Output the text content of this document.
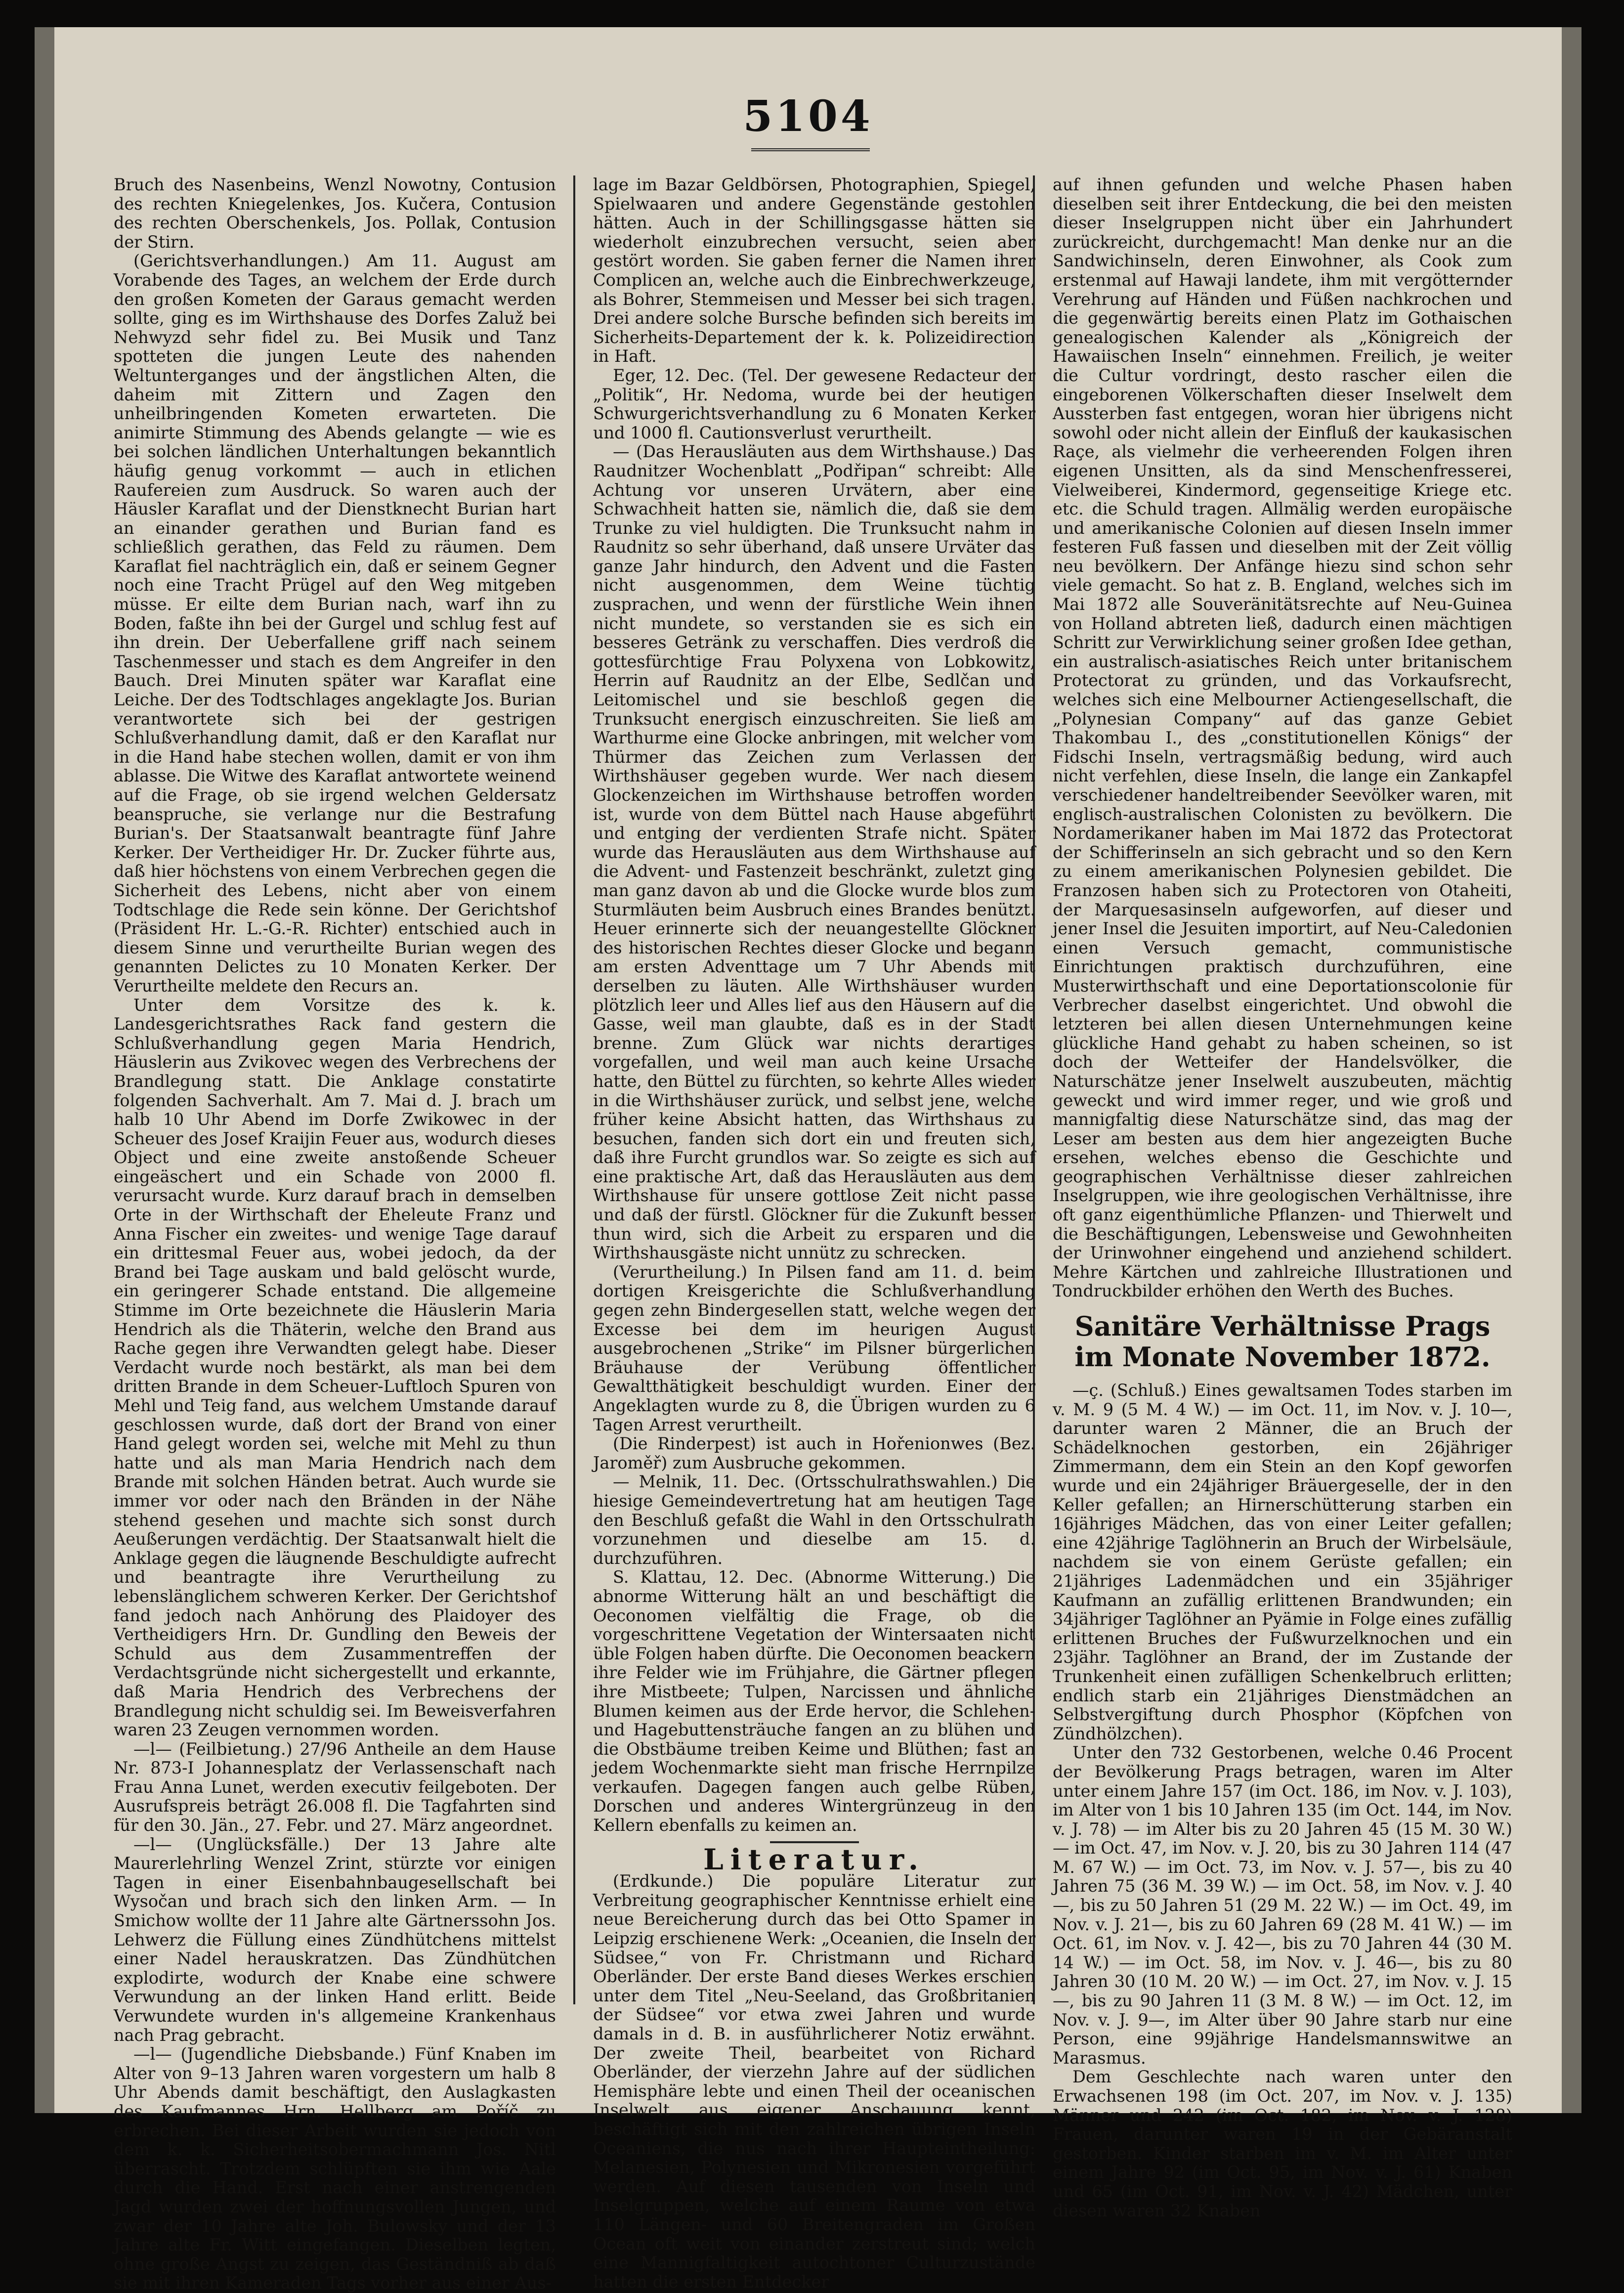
5104

Bruch des Nasenbeins, Wenzl Nowotny, Contusion des rechten Kniegelenkes, Jos. Kučera, Contusion des rechten Oberschenkels, Jos. Pollak, Contusion der Stirn.

(Gerichtsverhandlungen.) Am 11. August am Vorabende des Tages, an welchem der Erde durch den großen Kometen der Garaus gemacht werden sollte, ging es im Wirthshause des Dorfes Zaluž bei Nehwyzd sehr fidel zu. Bei Musik und Tanz spotteten die jungen Leute des nahenden Weltunterganges und der ängstlichen Alten, die daheim mit Zittern und Zagen den unheilbringenden Kometen erwarteten. Die animirte Stimmung des Abends gelangte — wie es bei solchen ländlichen Unterhaltungen bekanntlich häufig genug vorkommt — auch in etlichen Raufereien zum Ausdruck. So waren auch der Häusler Karaflat und der Dienstknecht Burian hart an einander gerathen und Burian fand es schließlich gerathen, das Feld zu räumen. Dem Karaflat fiel nachträglich ein, daß er seinem Gegner noch eine Tracht Prügel auf den Weg mitgeben müsse. Er eilte dem Burian nach, warf ihn zu Boden, faßte ihn bei der Gurgel und schlug fest auf ihn drein. Der Ueberfallene griff nach seinem Taschenmesser und stach es dem Angreifer in den Bauch. Drei Minuten später war Karaflat eine Leiche. Der des Todtschlages angeklagte Jos. Burian verantwortete sich bei der gestrigen Schlußverhandlung damit, daß er den Karaflat nur in die Hand habe stechen wollen, damit er von ihm ablasse. Die Witwe des Karaflat antwortete weinend auf die Frage, ob sie irgend welchen Geldersatz beanspruche, sie verlange nur die Bestrafung Burian's. Der Staatsanwalt beantragte fünf Jahre Kerker. Der Vertheidiger Hr. Dr. Zucker führte aus, daß hier höchstens von einem Verbrechen gegen die Sicherheit des Lebens, nicht aber von einem Todtschlage die Rede sein könne. Der Gerichtshof (Präsident Hr. L.-G.-R. Richter) entschied auch in diesem Sinne und verurtheilte Burian wegen des genannten Delictes zu 10 Monaten Kerker. Der Verurtheilte meldete den Recurs an.

Unter dem Vorsitze des k. k. Landesgerichtsrathes Rack fand gestern die Schlußverhandlung gegen Maria Hendrich, Häuslerin aus Zvikovec wegen des Verbrechens der Brandlegung statt. Die Anklage constatirte folgenden Sachverhalt. Am 7. Mai d. J. brach um halb 10 Uhr Abend im Dorfe Zwikowec in der Scheuer des Josef Kraijin Feuer aus, wodurch dieses Object und eine zweite anstoßende Scheuer eingeäschert und ein Schade von 2000 fl. verursacht wurde. Kurz darauf brach in demselben Orte in der Wirthschaft der Eheleute Franz und Anna Fischer ein zweites- und wenige Tage darauf ein drittesmal Feuer aus, wobei jedoch, da der Brand bei Tage auskam und bald gelöscht wurde, ein geringerer Schade entstand. Die allgemeine Stimme im Orte bezeichnete die Häuslerin Maria Hendrich als die Thäterin, welche den Brand aus Rache gegen ihre Verwandten gelegt habe. Dieser Verdacht wurde noch bestärkt, als man bei dem dritten Brande in dem Scheuer-Luftloch Spuren von Mehl und Teig fand, aus welchem Umstande darauf geschlossen wurde, daß dort der Brand von einer Hand gelegt worden sei, welche mit Mehl zu thun hatte und als man Maria Hendrich nach dem Brande mit solchen Händen betrat. Auch wurde sie immer vor oder nach den Bränden in der Nähe stehend gesehen und machte sich sonst durch Aeußerungen verdächtig. Der Staatsanwalt hielt die Anklage gegen die läugnende Beschuldigte aufrecht und beantragte ihre Verurtheilung zu lebenslänglichem schweren Kerker. Der Gerichtshof fand jedoch nach Anhörung des Plaidoyer des Vertheidigers Hrn. Dr. Gundling den Beweis der Schuld aus dem Zusammentreffen der Verdachtsgründe nicht sichergestellt und erkannte, daß Maria Hendrich des Verbrechens der Brandlegung nicht schuldig sei. Im Beweisverfahren waren 23 Zeugen vernommen worden.

—l— (Feilbietung.) 27/96 Antheile an dem Hause Nr. 873-I Johannesplatz der Verlassenschaft nach Frau Anna Lunet, werden executiv feilgeboten. Der Ausrufspreis beträgt 26.008 fl. Die Tagfahrten sind für den 30. Jän., 27. Febr. und 27. März angeordnet.

—l— (Unglücksfälle.) Der 13 Jahre alte Maurerlehrling Wenzel Zrint, stürzte vor einigen Tagen in einer Eisenbahnbaugesellschaft bei Wysočan und brach sich den linken Arm. — In Smichow wollte der 11 Jahre alte Gärtnerssohn Jos. Lehwerz die Füllung eines Zündhütchens mittelst einer Nadel herauskratzen. Das Zündhütchen explodirte, wodurch der Knabe eine schwere Verwundung an der linken Hand erlitt. Beide Verwundete wurden in's allgemeine Krankenhaus nach Prag gebracht.

—l— (Jugendliche Diebsbande.) Fünf Knaben im Alter von 9–13 Jahren waren vorgestern um halb 8 Uhr Abends damit beschäftigt, den Auslagkasten des Kaufmannes Hrn. Hellberg am Poříč zu erbrechen. Bei dieser Arbeit wurden sie jedoch von dem k. k. Sicherheitsobermachmann Jos. Nitl überrascht. Trotzdem schlüpften sie ihm wie Aale durch die Hand. Erst nach einer anstrengenden Jagd wurden zwei der hoffnungsvollen Jungen, und zwar der 10 Jahre alte Joh. Bulowsky und der 13 Jahre alte Fr. Witt eingefangen. Dieselben legten, ohne große Angst zu zeigen, das Geständniß ab daß sie mit ihren Kameraden Tags vorher aus einer Aus-

lage im Bazar Geldbörsen, Photographien, Spiegel, Spielwaaren und andere Gegenstände gestohlen hätten. Auch in der Schillingsgasse hätten sie wiederholt einzubrechen versucht, seien aber gestört worden. Sie gaben ferner die Namen ihrer Complicen an, welche auch die Einbrechwerkzeuge, als Bohrer, Stemmeisen und Messer bei sich tragen. Drei andere solche Bursche befinden sich bereits im Sicherheits-Departement der k. k. Polizeidirection in Haft.

Eger, 12. Dec. (Tel. Der gewesene Redacteur der „Politik“, Hr. Nedoma, wurde bei der heutigen Schwurgerichtsverhandlung zu 6 Monaten Kerker und 1000 fl. Cautionsverlust verurtheilt.

— (Das Herausläuten aus dem Wirthshause.) Das Raudnitzer Wochenblatt „Podřipan“ schreibt: Alle Achtung vor unseren Urvätern, aber eine Schwachheit hatten sie, nämlich die, daß sie dem Trunke zu viel huldigten. Die Trunksucht nahm in Raudnitz so sehr überhand, daß unsere Urväter das ganze Jahr hindurch, den Advent und die Fasten nicht ausgenommen, dem Weine tüchtig zusprachen, und wenn der fürstliche Wein ihnen nicht mundete, so verstanden sie es sich ein besseres Getränk zu verschaffen. Dies verdroß die gottesfürchtige Frau Polyxena von Lobkowitz, Herrin auf Raudnitz an der Elbe, Sedlčan und Leitomischel und sie beschloß gegen die Trunksucht energisch einzuschreiten. Sie ließ am Warthurme eine Glocke anbringen, mit welcher vom Thürmer das Zeichen zum Verlassen der Wirthshäuser gegeben wurde. Wer nach diesem Glockenzeichen im Wirthshause betroffen worden ist, wurde von dem Büttel nach Hause abgeführt und entging der verdienten Strafe nicht. Später wurde das Herausläuten aus dem Wirthshause auf die Advent- und Fastenzeit beschränkt, zuletzt ging man ganz davon ab und die Glocke wurde blos zum Sturmläuten beim Ausbruch eines Brandes benützt. Heuer erinnerte sich der neuangestellte Glöckner des historischen Rechtes dieser Glocke und begann am ersten Adventtage um 7 Uhr Abends mit derselben zu läuten. Alle Wirthshäuser wurden plötzlich leer und Alles lief aus den Häusern auf die Gasse, weil man glaubte, daß es in der Stadt brenne. Zum Glück war nichts derartiges vorgefallen, und weil man auch keine Ursache hatte, den Büttel zu fürchten, so kehrte Alles wieder in die Wirthshäuser zurück, und selbst jene, welche früher keine Absicht hatten, das Wirthshaus zu besuchen, fanden sich dort ein und freuten sich, daß ihre Furcht grundlos war. So zeigte es sich auf eine praktische Art, daß das Herausläuten aus dem Wirthshause für unsere gottlose Zeit nicht passe und daß der fürstl. Glöckner für die Zukunft besser thun wird, sich die Arbeit zu ersparen und die Wirthshausgäste nicht unnütz zu schrecken.

(Verurtheilung.) In Pilsen fand am 11. d. beim dortigen Kreisgerichte die Schlußverhandlung gegen zehn Bindergesellen statt, welche wegen der Excesse bei dem im heurigen August ausgebrochenen „Strike“ im Pilsner bürgerlichen Bräuhause der Verübung öffentlicher Gewaltthätigkeit beschuldigt wurden. Einer der Angeklagten wurde zu 8, die Übrigen wurden zu 6 Tagen Arrest verurtheilt.

(Die Rinderpest) ist auch in Hořenionwes (Bez. Jaroměř) zum Ausbruche gekommen.

— Melnik, 11. Dec. (Ortsschulrathswahlen.) Die hiesige Gemeindevertretung hat am heutigen Tage den Beschluß gefaßt die Wahl in den Ortsschulrath vorzunehmen und dieselbe am 15. d. durchzuführen.

S. Klattau, 12. Dec. (Abnorme Witterung.) Die abnorme Witterung hält an und beschäftigt die Oeconomen vielfältig die Frage, ob die vorgeschrittene Vegetation der Wintersaaten nicht üble Folgen haben dürfte. Die Oeconomen beackern ihre Felder wie im Frühjahre, die Gärtner pflegen ihre Mistbeete; Tulpen, Narcissen und ähnliche Blumen keimen aus der Erde hervor, die Schlehen- und Hagebuttensträuche fangen an zu blühen und die Obstbäume treiben Keime und Blüthen; fast an jedem Wochenmarkte sieht man frische Herrnpilze verkaufen. Dagegen fangen auch gelbe Rüben, Dorschen und anderes Wintergrünzeug in den Kellern ebenfalls zu keimen an.

Literatur.

(Erdkunde.) Die populäre Literatur zur Verbreitung geographischer Kenntnisse erhielt eine neue Bereicherung durch das bei Otto Spamer in Leipzig erschienene Werk: „Oceanien, die Inseln der Südsee,“ von Fr. Christmann und Richard Oberländer. Der erste Band dieses Werkes erschien unter dem Titel „Neu-Seeland, das Großbritanien der Südsee“ vor etwa zwei Jahren und wurde damals in d. B. in ausführlicherer Notiz erwähnt. Der zweite Theil, bearbeitet von Richard Oberländer, der vierzehn Jahre auf der südlichen Hemisphäre lebte und einen Theil der oceanischen Inselwelt aus eigener Anschauung kennt, beschäftigt sich mit den zahlreichen übrigen Inseln Oceaniens, die nus nach ihrer Haupteintheilung: Melanesien, Polynesien und Mikronesien vorgeführt werden. Auf diesen tausenden von Inseln und Inselgruppen, welche auf einem Raume von etwa 110 Längen- und 60 Breitengraden im Großen Ocean oft weit von einander zerstreut sind; welch eine Mannigfaltigkeit autochtoner Culturzustände hatten die ersten Entdecker

auf ihnen gefunden und welche Phasen haben dieselben seit ihrer Entdeckung, die bei den meisten dieser Inselgruppen nicht über ein Jahrhundert zurückreicht, durchgemacht! Man denke nur an die Sandwichinseln, deren Einwohner, als Cook zum erstenmal auf Hawaji landete, ihm mit vergötternder Verehrung auf Händen und Füßen nachkrochen und die gegenwärtig bereits einen Platz im Gothaischen genealogischen Kalender als „Königreich der Hawaiischen Inseln“ einnehmen. Freilich, je weiter die Cultur vordringt, desto rascher eilen die eingeborenen Völkerschaften dieser Inselwelt dem Aussterben fast entgegen, woran hier übrigens nicht sowohl oder nicht allein der Einfluß der kaukasischen Raçe, als vielmehr die verheerenden Folgen ihren eigenen Unsitten, als da sind Menschenfresserei, Vielweiberei, Kindermord, gegenseitige Kriege etc. etc. die Schuld tragen. Allmälig werden europäische und amerikanische Colonien auf diesen Inseln immer festeren Fuß fassen und dieselben mit der Zeit völlig neu bevölkern. Der Anfänge hiezu sind schon sehr viele gemacht. So hat z. B. England, welches sich im Mai 1872 alle Souveränitätsrechte auf Neu-Guinea von Holland abtreten ließ, dadurch einen mächtigen Schritt zur Verwirklichung seiner großen Idee gethan, ein australisch-asiatisches Reich unter britanischem Protectorat zu gründen, und das Vorkaufsrecht, welches sich eine Melbourner Actiengesellschaft, die „Polynesian Company“ auf das ganze Gebiet Thakombau I., des „constitutionellen Königs“ der Fidschi Inseln, vertragsmäßig bedung, wird auch nicht verfehlen, diese Inseln, die lange ein Zankapfel verschiedener handeltreibender Seevölker waren, mit englisch-australischen Colonisten zu bevölkern. Die Nordamerikaner haben im Mai 1872 das Protectorat der Schifferinseln an sich gebracht und so den Kern zu einem amerikanischen Polynesien gebildet. Die Franzosen haben sich zu Protectoren von Otaheiti, der Marquesasinseln aufgeworfen, auf dieser und jener Insel die Jesuiten importirt, auf Neu-Caledonien einen Versuch gemacht, communistische Einrichtungen praktisch durchzuführen, eine Musterwirthschaft und eine Deportationscolonie für Verbrecher daselbst eingerichtet. Und obwohl die letzteren bei allen diesen Unternehmungen keine glückliche Hand gehabt zu haben scheinen, so ist doch der Wetteifer der Handelsvölker, die Naturschätze jener Inselwelt auszubeuten, mächtig geweckt und wird immer reger, und wie groß und mannigfaltig diese Naturschätze sind, das mag der Leser am besten aus dem hier angezeigten Buche ersehen, welches ebenso die Geschichte und geographischen Verhältnisse dieser zahlreichen Inselgruppen, wie ihre geologischen Verhältnisse, ihre oft ganz eigenthümliche Pflanzen- und Thierwelt und die Beschäftigungen, Lebensweise und Gewohnheiten der Urinwohner eingehend und anziehend schildert. Mehre Kärtchen und zahlreiche Illustrationen und Tondruckbilder erhöhen den Werth des Buches.

Sanitäre Verhältnisse Prags im Monate November 1872.

—ç. (Schluß.) Eines gewaltsamen Todes starben im v. M. 9 (5 M. 4 W.) — im Oct. 11, im Nov. v. J. 10—, darunter waren 2 Männer, die an Bruch der Schädelknochen gestorben, ein 26jähriger Zimmermann, dem ein Stein an den Kopf geworfen wurde und ein 24jähriger Bräuergeselle, der in den Keller gefallen; an Hirnerschütterung starben ein 16jähriges Mädchen, das von einer Leiter gefallen; eine 42jährige Taglöhnerin an Bruch der Wirbelsäule, nachdem sie von einem Gerüste gefallen; ein 21jähriges Ladenmädchen und ein 35jähriger Kaufmann an zufällig erlittenen Brandwunden; ein 34jähriger Taglöhner an Pyämie in Folge eines zufällig erlittenen Bruches der Fußwurzelknochen und ein 23jähr. Taglöhner an Brand, der im Zustande der Trunkenheit einen zufälligen Schenkelbruch erlitten; endlich starb ein 21jähriges Dienstmädchen an Selbstvergiftung durch Phosphor (Köpfchen von Zündhölzchen).

Unter den 732 Gestorbenen, welche 0.46 Procent der Bevölkerung Prags betragen, waren im Alter unter einem Jahre 157 (im Oct. 186, im Nov. v. J. 103), im Alter von 1 bis 10 Jahren 135 (im Oct. 144, im Nov. v. J. 78) — im Alter bis zu 20 Jahren 45 (15 M. 30 W.) — im Oct. 47, im Nov. v. J. 20, bis zu 30 Jahren 114 (47 M. 67 W.) — im Oct. 73, im Nov. v. J. 57—, bis zu 40 Jahren 75 (36 M. 39 W.) — im Oct. 58, im Nov. v. J. 40—, bis zu 50 Jahren 51 (29 M. 22 W.) — im Oct. 49, im Nov. v. J. 21—, bis zu 60 Jahren 69 (28 M. 41 W.) — im Oct. 61, im Nov. v. J. 42—, bis zu 70 Jahren 44 (30 M. 14 W.) — im Oct. 58, im Nov. v. J. 46—, bis zu 80 Jahren 30 (10 M. 20 W.) — im Oct. 27, im Nov. v. J. 15—, bis zu 90 Jahren 11 (3 M. 8 W.) — im Oct. 12, im Nov. v. J. 9—, im Alter über 90 Jahre starb nur eine Person, eine 99jährige Handelsmannswitwe an Marasmus.

Dem Geschlechte nach waren unter den Erwachsenen 198 (im Oct. 207, im Nov. v. J. 135) Männer und 242 (im Oct. 182, im Nov. v. J. 128) Frauen, darunter waren 19 in der Gebäranstalt gestorben. Kinder starben im v. M. im Alter unter einem Jahre 92 (im Oct. 95, im Nov. v. J. 61) Knaben und 65 (im Oct. 91, im Nov. v. J. 42) Mädchen, unter diesen waren 32 Knaben
